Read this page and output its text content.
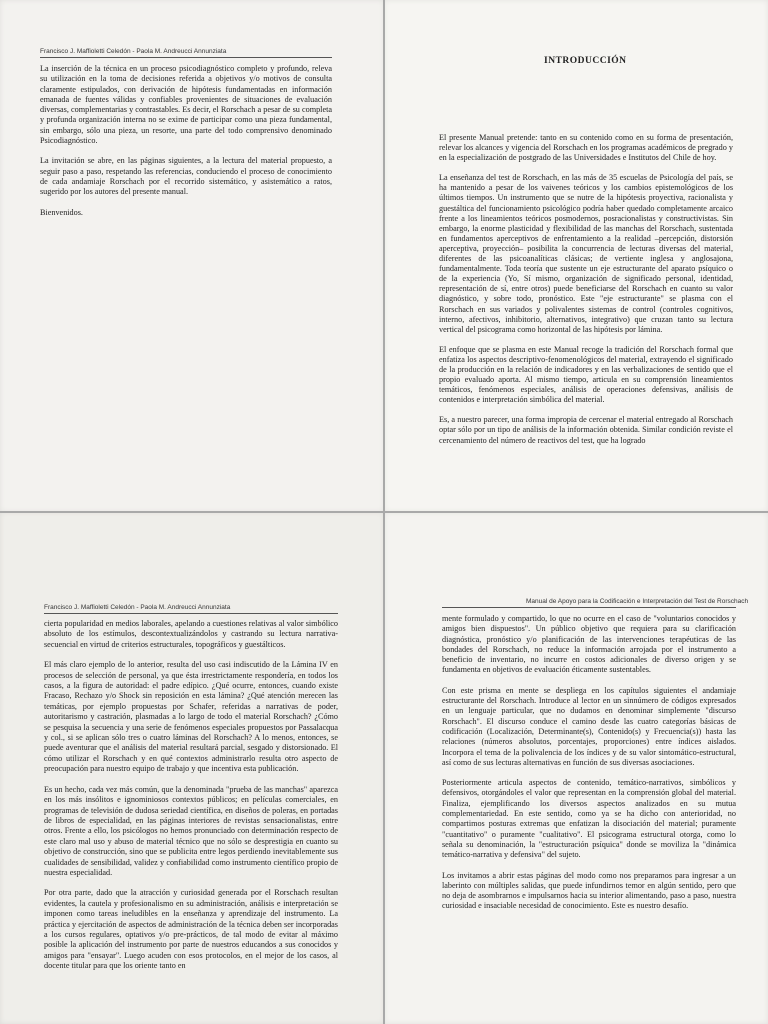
Francisco J. Maffioletti Celedón - Paola M. Andreucci Annunziata

La inserción de la técnica en un proceso psicodiagnóstico completo y profundo, releva su utilización en la toma de decisiones referida a objetivos y/o motivos de consulta claramente estipulados, con derivación de hipótesis fundamentadas en información emanada de fuentes válidas y confiables provenientes de situaciones de evaluación diversas, complementarias y contrastables. Es decir, el Rorschach a pesar de su completa y profunda organización interna no se exime de participar como una pieza fundamental, sin embargo, sólo una pieza, un resorte, una parte del todo comprensivo denominado Psicodiagnóstico.

La invitación se abre, en las páginas siguientes, a la lectura del material propuesto, a seguir paso a paso, respetando las referencias, conduciendo el proceso de conocimiento de cada andamiaje Rorschach por el recorrido sistemático, y asistemático a ratos, sugerido por los autores del presente manual.

Bienvenidos.

INTRODUCCIÓN

El presente Manual pretende: tanto en su contenido como en su forma de presentación, relevar los alcances y vigencia del Rorschach en los programas académicos de pregrado y en la especialización de postgrado de las Universidades e Institutos del Chile de hoy.

La enseñanza del test de Rorschach, en las más de 35 escuelas de Psicología del país, se ha mantenido a pesar de los vaivenes teóricos y los cambios epistemológicos de los últimos tiempos. Un instrumento que se nutre de la hipótesis proyectiva, racionalista y guestáltica del funcionamiento psicológico podría haber quedado completamente arcaico frente a los lineamientos teóricos posmodernos, posracionalistas y constructivistas. Sin embargo, la enorme plasticidad y flexibilidad de las manchas del Rorschach, sustentada en fundamentos aperceptivos de enfrentamiento a la realidad –percepción, distorsión aperceptiva, proyección– posibilita la concurrencia de lecturas diversas del material, diferentes de las psicoanalíticas clásicas; de vertiente inglesa y anglosajona, fundamentalmente. Toda teoría que sustente un eje estructurante del aparato psíquico o de la experiencia (Yo, Sí mismo, organización de significado personal, identidad, representación de sí, entre otros) puede beneficiarse del Rorschach en cuanto su valor diagnóstico, y sobre todo, pronóstico. Este "eje estructurante" se plasma con el Rorschach en sus variados y polivalentes sistemas de control (controles cognitivos, interno, afectivos, inhibitorio, alternativos, integrativo) que cruzan tanto su lectura vertical del psicograma como horizontal de las hipótesis por lámina.

El enfoque que se plasma en este Manual recoge la tradición del Rorschach formal que enfatiza los aspectos descriptivo-fenomenológicos del material, extrayendo el significado de la producción en la relación de indicadores y en las verbalizaciones de sentido que el propio evaluado aporta. Al mismo tiempo, articula en su comprensión lineamientos temáticos, fenómenos especiales, análisis de operaciones defensivas, análisis de contenidos e interpretación simbólica del material.

Es, a nuestro parecer, una forma impropia de cercenar el material entregado al Rorschach optar sólo por un tipo de análisis de la información obtenida. Similar condición reviste el cercenamiento del número de reactivos del test, que ha logrado

Francisco J. Maffioletti Celedón - Paola M. Andreucci Annunziata

cierta popularidad en medios laborales, apelando a cuestiones relativas al valor simbólico absoluto de los estímulos, descontextualizándolos y castrando su lectura narrativa-secuencial en virtud de criterios estructurales, topográficos y guestálticos.

El más claro ejemplo de lo anterior, resulta del uso casi indiscutido de la Lámina IV en procesos de selección de personal, ya que ésta irrestrictamente respondería, en todos los casos, a la figura de autoridad: el padre edípico. ¿Qué ocurre, entonces, cuando existe Fracaso, Rechazo y/o Shock sin reposición en esta lámina? ¿Qué atención merecen las temáticas, por ejemplo propuestas por Schafer, referidas a narrativas de poder, autoritarismo y castración, plasmadas a lo largo de todo el material Rorschach? ¿Cómo se pesquisa la secuencia y una serie de fenómenos especiales propuestos por Passalacqua y col., si se aplican sólo tres o cuatro láminas del Rorschach? A lo menos, entonces, se puede aventurar que el análisis del material resultará parcial, sesgado y distorsionado. El cómo utilizar el Rorschach y en qué contextos administrarlo resulta otro aspecto de preocupación para nuestro equipo de trabajo y que incentiva esta publicación.

Es un hecho, cada vez más común, que la denominada "prueba de las manchas" aparezca en los más insólitos e ignominiosos contextos públicos; en películas comerciales, en programas de televisión de dudosa seriedad científica, en diseños de poleras, en portadas de libros de especialidad, en las páginas interiores de revistas sensacionalistas, entre otros. Frente a ello, los psicólogos no hemos pronunciado con determinación respecto de este claro mal uso y abuso de material técnico que no sólo se desprestigia en cuanto su objetivo de construcción, sino que se publicita entre legos perdiendo inevitablemente sus cualidades de sensibilidad, validez y confiabilidad como instrumento científico propio de nuestra especialidad.

Por otra parte, dado que la atracción y curiosidad generada por el Rorschach resultan evidentes, la cautela y profesionalismo en su administración, análisis e interpretación se imponen como tareas ineludibles en la enseñanza y aprendizaje del instrumento. La práctica y ejercitación de aspectos de administración de la técnica deben ser incorporadas a los cursos regulares, optativos y/o pre-prácticos, de tal modo de evitar al máximo posible la aplicación del instrumento por parte de nuestros educandos a sus conocidos y amigos para "ensayar". Luego acuden con esos protocolos, en el mejor de los casos, al docente titular para que los oriente tanto en

Manual de Apoyo para la Codificación e Interpretación del Test de Rorschach

mente formulado y compartido, lo que no ocurre en el caso de "voluntarios conocidos y amigos bien dispuestos". Un público objetivo que requiera para su clarificación diagnóstica, pronóstico y/o planificación de las intervenciones terapéuticas de las bondades del Rorschach, no reduce la información arrojada por el instrumento a beneficio de inventario, no incurre en costos adicionales de diverso origen y se fundamenta en objetivos de evaluación éticamente sustentables.

Con este prisma en mente se despliega en los capítulos siguientes el andamiaje estructurante del Rorschach. Introduce al lector en un sinnúmero de códigos expresados en un lenguaje particular, que no dudamos en denominar simplemente "discurso Rorschach". El discurso conduce el camino desde las cuatro categorías básicas de codificación (Localización, Determinante(s), Contenido(s) y Frecuencia(s)) hasta las relaciones (números absolutos, porcentajes, proporciones) entre índices aislados. Incorpora el tema de la polivalencia de los índices y de su valor sintomático-estructural, así como de sus lecturas alternativas en función de sus diversas asociaciones.

Posteriormente articula aspectos de contenido, temático-narrativos, simbólicos y defensivos, otorgándoles el valor que representan en la comprensión global del material. Finaliza, ejemplificando los diversos aspectos analizados en su mutua complementariedad. En este sentido, como ya se ha dicho con anterioridad, no compartimos posturas extremas que enfatizan la disociación del material; puramente "cuantitativo" o puramente "cualitativo". El psicograma estructural otorga, como lo señala su denominación, la "estructuración psíquica" donde se moviliza la "dinámica temático-narrativa y defensiva" del sujeto.

Los invitamos a abrir estas páginas del modo como nos preparamos para ingresar a un laberinto con múltiples salidas, que puede infundirnos temor en algún sentido, pero que no deja de asombrarnos e impulsarnos hacia su interior alimentando, paso a paso, nuestra curiosidad e insaciable necesidad de conocimiento. Este es nuestro desafío.
